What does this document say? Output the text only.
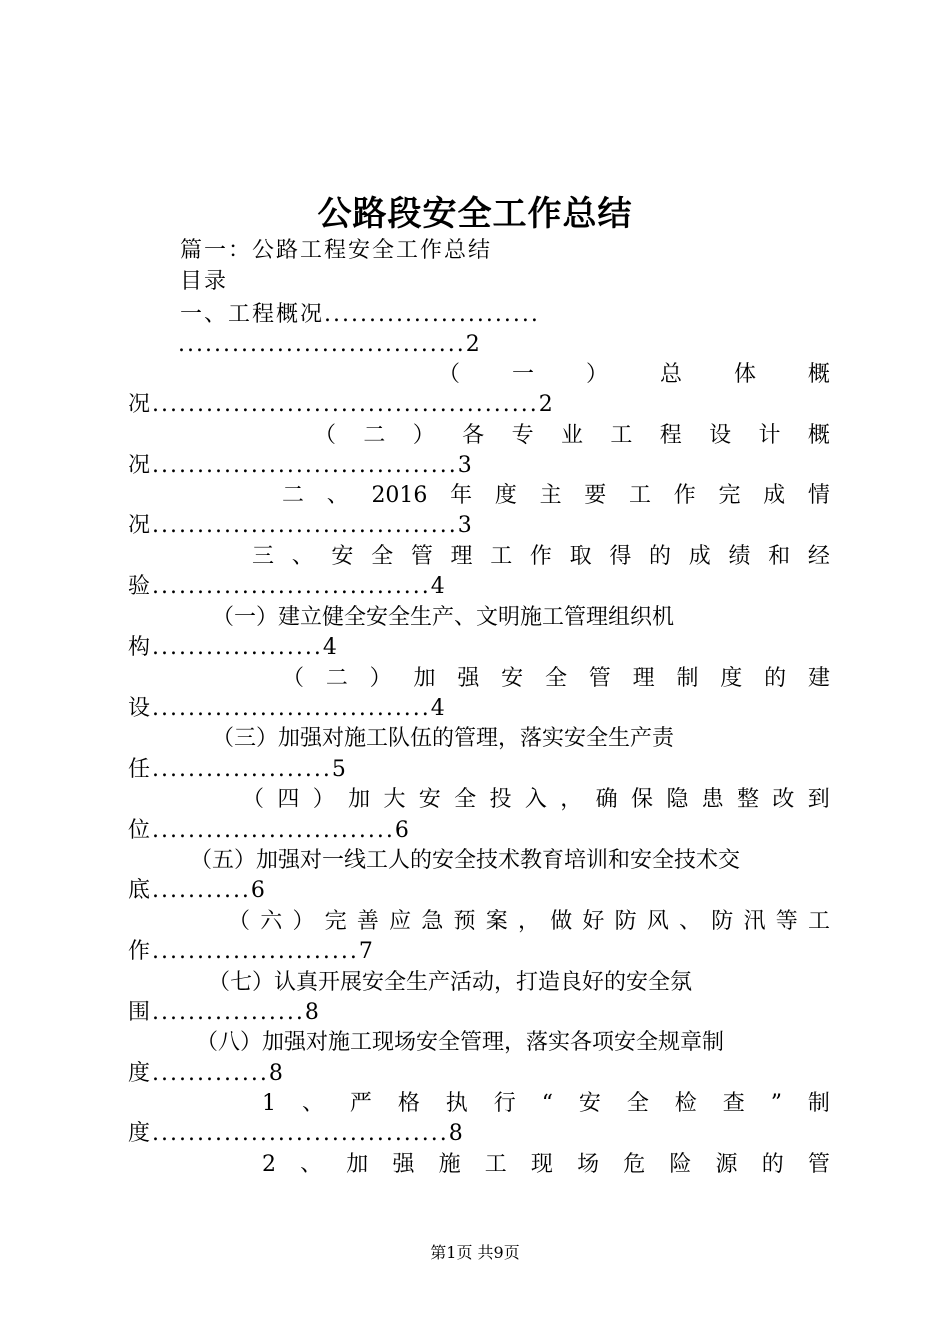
公路段安全工作总结
篇一：公路工程安全工作总结
目录
一、工程概况........................
................................2
（ 一 ） 总 体 概
况...........................................2
（ 二 ） 各 专 业 工 程 设 计 概
况..................................3
二 、 2016 年 度 主 要 工 作 完 成 情
况..................................3
三 、 安 全 管 理 工 作 取 得 的 成 绩 和 经
验...............................4
（一）建立健全安全生产、文明施工管理组织机
构...................4
（ 二 ） 加 强 安 全 管 理 制 度 的 建
设...............................4
（三）加强对施工队伍的管理，落实安全生产责
任....................5
（ 四 ） 加 大 安 全 投 入 ， 确 保 隐 患 整 改 到
位...........................6
（五）加强对一线工人的安全技术教育培训和安全技术交
底...........6
（ 六 ） 完 善 应 急 预 案 ， 做 好 防 风 、 防 汛 等 工
作.......................7
（七）认真开展安全生产活动，打造良好的安全氛
围.................8
（八）加强对施工现场安全管理，落实各项安全规章制
度.............8
1 、 严 格 执 行 “ 安 全 检 查 ” 制
度.................................8
2 、 加 强 施 工 现 场 危 险 源 的 管
第1页 共9页
